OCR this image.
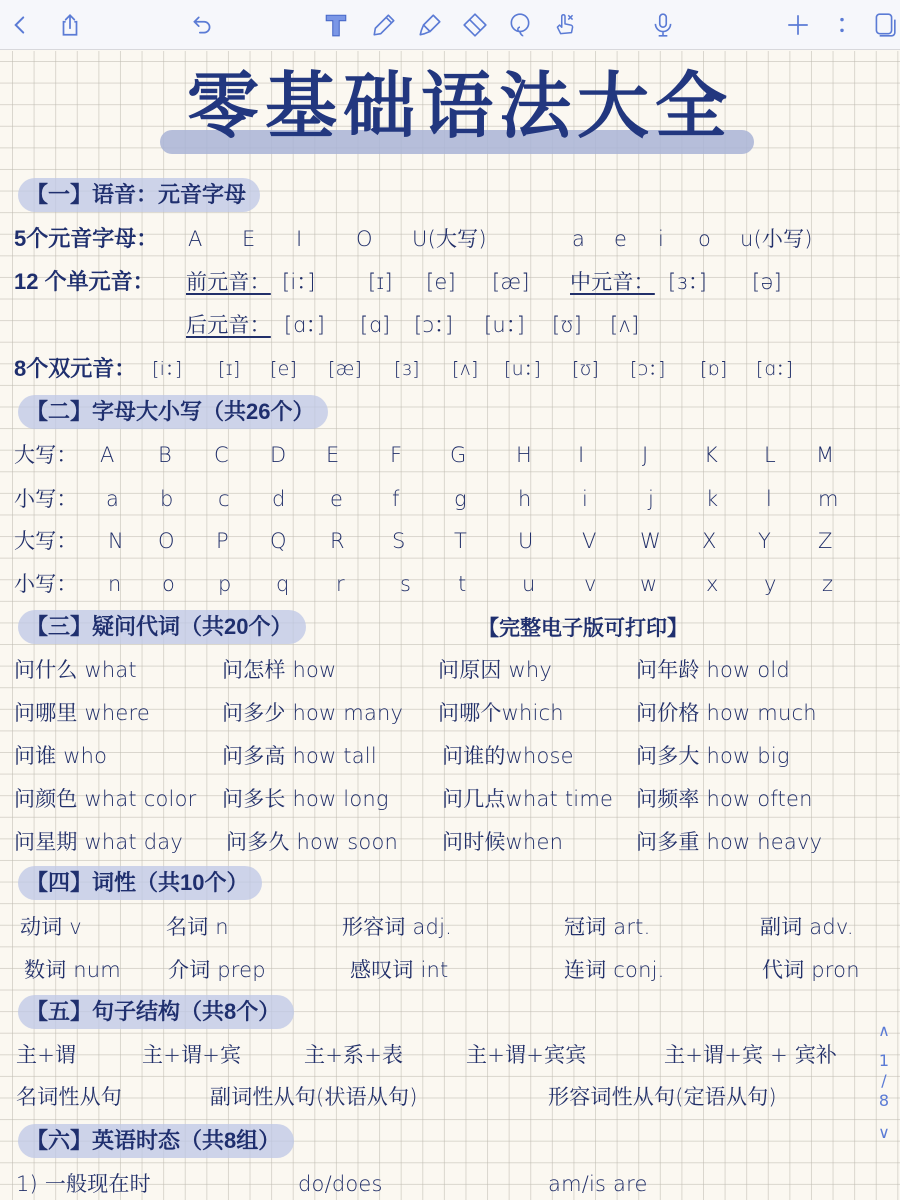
零基础语法大全
【一】语音：元音字母
5个元音字母： A E I	O U(大写)	a e i o u(小写)
12 个单元音： 前元音： [i：] [ɪ] [e] [æ] 中元音： [ɜ：] [ə]
后元音： [ɑ：] [ɑ] [ɔ：] [u：] [ʊ] [ʌ]
8个双元音： [i：] [ɪ] [e] [æ] [ɜ] [ʌ] [u：] [ʊ] [ɔ：] [ɒ] [ɑ：]
【二】字母大小写（共26个）
大写： A B C D E F G H I	J	K L M
小写： a b c d e f	g h i	j k l m
大写： N O P Q R S T U V W X Y Z
小写： n o p q r	s t	u v w x y z
【三】疑问代词（共20个）	【完整电子版可打印】
问什么 what	问怎样 how	问原因 why	问年龄 how old
问哪里 where	问多少 how many 问哪个which	问价格 how much
问谁 who	问多高 how tall	问谁的whose	问多大 how big
问颜色 what color 问多长 how long	问几点what time 问频率 how often
问星期 what day 问多久 how soon 问时候when	问多重 how heavy
【四】词性（共10个）
动词 v	名词 n	形容词 adj.	冠词 art.	副词 adv.
数词 num 介词 prep	感叹词 int	连词 conj.	代词 pron
【五】句子结构（共8个）
主+谓	主+谓+宾	主+系+表	主+谓+宾宾	主+谓+宾 + 宾补
名词性从句	副词性从句(状语从句)	形容词性从句(定语从句)
【六】英语时态（共8组）
1) 一般现在时	do/does	am/is are
∧
1
/
8
∨
